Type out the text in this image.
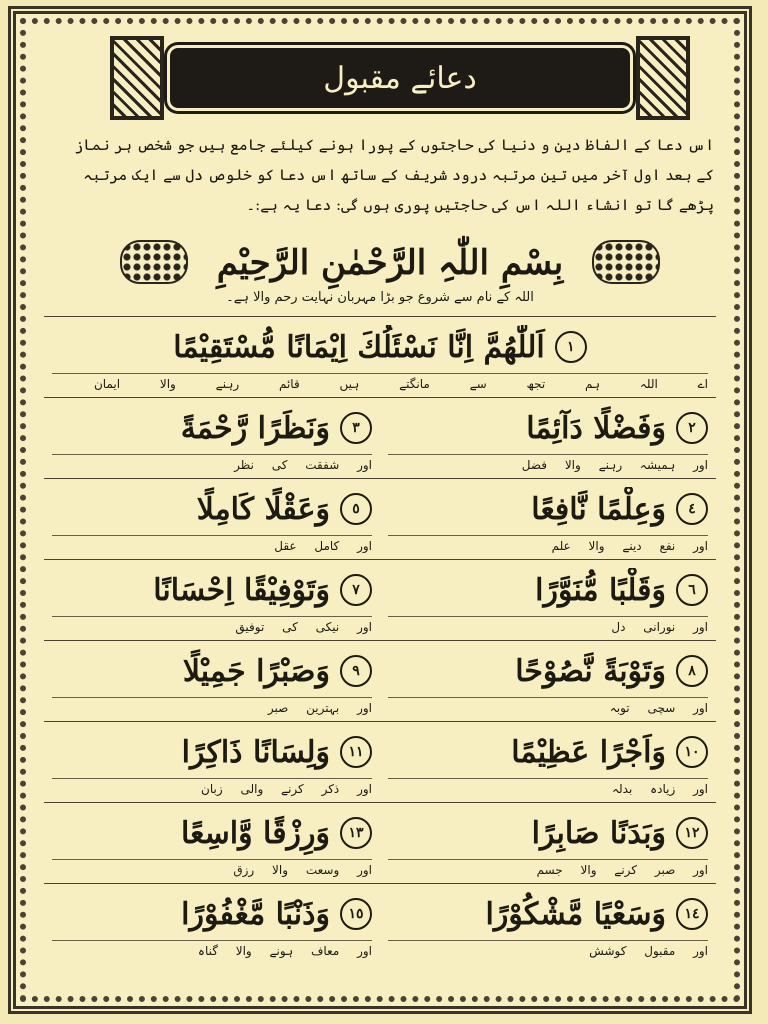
دعائے مقبول
اس دعا کے الفاظ دین و دنیا کی حاجتوں کے پورا ہونے کیلئے جامع ہیں جو شخص ہر نماز کے بعد اول آخر میں تین مرتبہ درود شریف کے ساتھ اس دعا کو خلوص دل سے ایک مرتبہ پڑھے گا تو انشاء اللہ اس کی حاجتیں پوری ہوں گی: دعا یہ ہے:۔
بِسْمِ اللّٰہِ الرَّحْمٰنِ الرَّحِیْمِ
اللہ کے نام سے شروع جو بڑا مہربان نہایت رحم والا ہے۔
١
اَللّٰھُمَّ اِنَّا نَسْئَلُكَ اِیْمَانًا مُّسْتَقِیْمًا
اے اللہ ہم تجھ سے مانگتے ہیں قائم رہنے والا ایمان
٢
وَفَضْلًا دَآئِمًا
اور ہمیشہ رہنے والا فضل
٣
وَنَظَرًا رَّحْمَةً
اور شفقت کی نظر
٤
وَعِلْمًا نَّافِعًا
اور نفع دینے والا علم
٥
وَعَقْلًا كَامِلًا
اور کامل عقل
٦
وَقَلْبًا مُّنَوَّرًا
اور نورانی دل
٧
وَتَوْفِیْقًا اِحْسَانًا
اور نیکی کی توفیق
٨
وَتَوْبَةً نَّصُوْحًا
اور سچی توبہ
٩
وَصَبْرًا جَمِیْلًا
اور بہترین صبر
١٠
وَاَجْرًا عَظِیْمًا
اور زیادہ بدلہ
١١
وَلِسَانًا ذَاكِرًا
اور ذکر کرنے والی زبان
١٢
وَبَدَنًا صَابِرًا
اور صبر کرنے والا جسم
١٣
وَرِزْقًا وَّاسِعًا
اور وسعت والا رزق
١٤
وَسَعْیًا مَّشْكُوْرًا
اور مقبول کوشش
١٥
وَذَنْبًا مَّغْفُوْرًا
اور معاف ہونے والا گناہ
